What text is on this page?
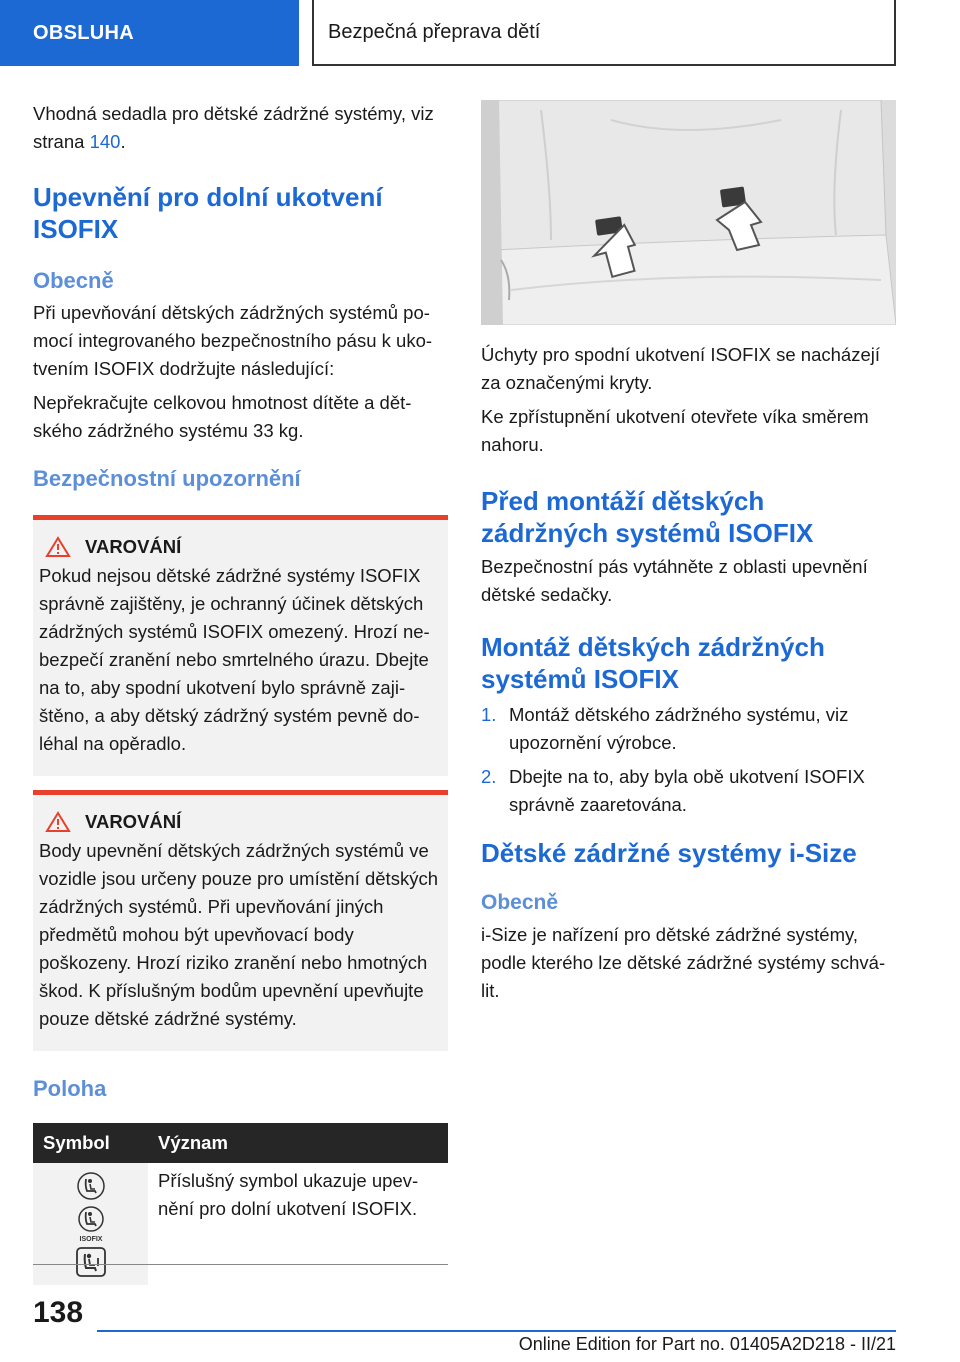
OBSLUHA	Bezpečná přeprava dětí

Vhodná sedadla pro dětské zádržné systémy, viz strana 140.

Upevnění pro dolní ukotvení ISOFIX
Obecně

Při upevňování dětských zádržných systémů pomocí integrovaného bezpečnostního pásu k ukotvením ISOFIX dodržujte následující:

Nepřekračujte celkovou hmotnost dítěte a dětského zádržného systému 33 kg.

Bezpečnostní upozornění
VAROVÁNÍ

Pokud nejsou dětské zádržné systémy ISOFIX správně zajištěny, je ochranný účinek dětských zádržných systémů ISOFIX omezený. Hrozí nebezpečí zranění nebo smrtelného úrazu. Dbejte na to, aby spodní ukotvení bylo správně zajištěno, a aby dětský zádržný systém pevně doléhal na opěradlo.

VAROVÁNÍ

Body upevnění dětských zádržných systémů ve vozidle jsou určeny pouze pro umístění dětských zádržných systémů. Při upevňování jiných předmětů mohou být upevňovací body poškozeny. Hrozí riziko zranění nebo hmotných škod. K příslušným bodům upevnění upevňujte pouze dětské zádržné systémy.

Poloha
Symbol	Význam

ISOFIX	Příslušný symbol ukazuje upevnění pro dolní ukotvení ISOFIX.

Úchyty pro spodní ukotvení ISOFIX se nacházejí za označenými kryty.

Ke zpřístupnění ukotvení otevřete víka směrem nahoru.

Před montáží dětských zádržných systémů ISOFIX

Bezpečnostní pás vytáhněte z oblasti upevnění dětské sedačky.

Montáž dětských zádržných systémů ISOFIX
1. Montáž dětského zádržného systému, viz upozornění výrobce.
2. Dbejte na to, aby byla obě ukotvení ISOFIX správně zaaretována.
Dětské zádržné systémy i-Size
Obecně

i-Size je nařízení pro dětské zádržné systémy, podle kterého lze dětské zádržné systémy schválit.

138
Online Edition for Part no. 01405A2D218 - II/21
